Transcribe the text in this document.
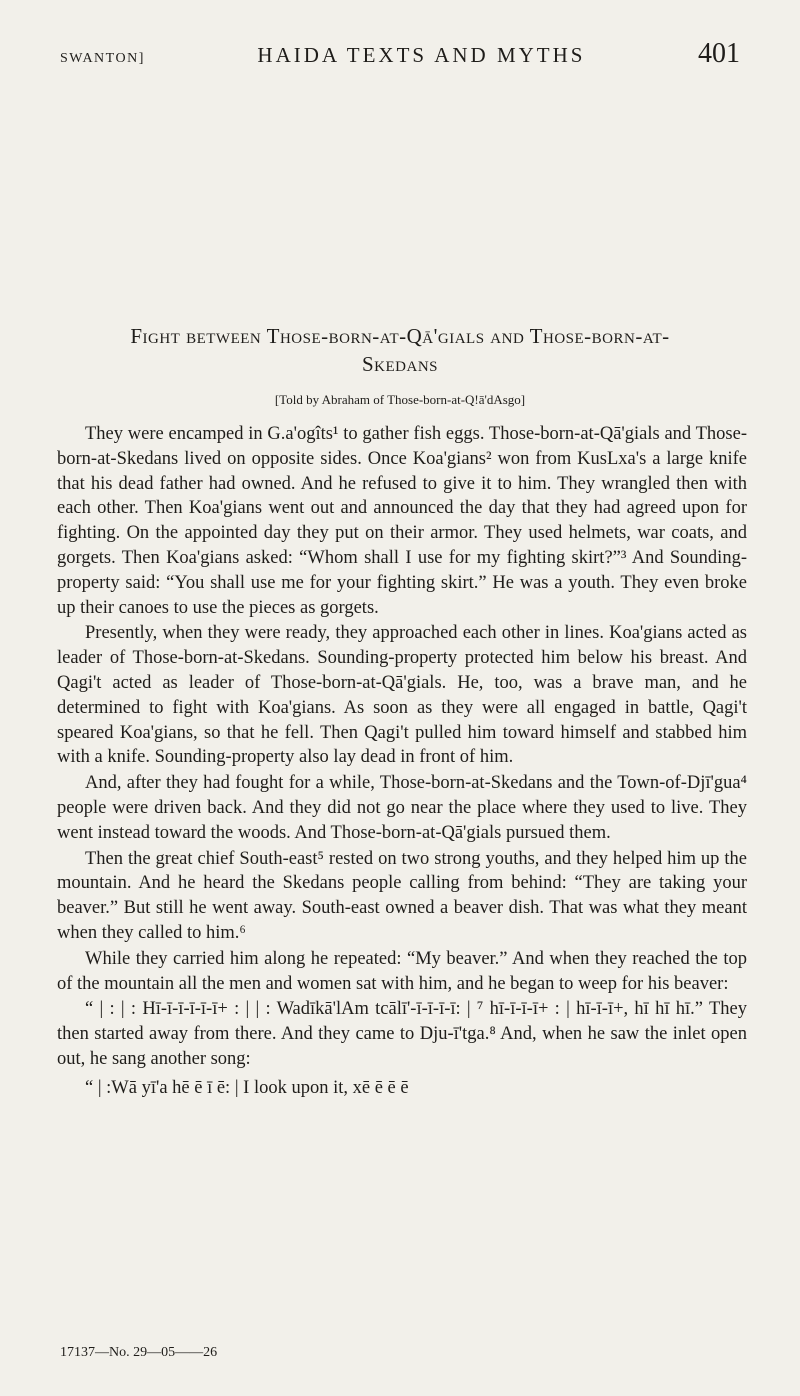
SWANTON]	HAIDA TEXTS AND MYTHS	401
Fight between Those-born-at-Qā'gials and Those-born-at-
Skedans
[Told by Abraham of Those-born-at-Q!ā'dAsgo]

They were encamped in G.a'ogîts¹ to gather fish eggs. Those-born-at-Qā'gials and Those-born-at-Skedans lived on opposite sides. Once Koa'gians² won from KusLxa's a large knife that his dead father had owned. And he refused to give it to him. They wrangled then with each other. Then Koa'gians went out and announced the day that they had agreed upon for fighting. On the appointed day they put on their armor. They used helmets, war coats, and gorgets. Then Koa'gians asked: “Whom shall I use for my fighting skirt?”³ And Sounding-property said: “You shall use me for your fighting skirt.” He was a youth. They even broke up their canoes to use the pieces as gorgets.

Presently, when they were ready, they approached each other in lines. Koa'gians acted as leader of Those-born-at-Skedans. Sounding-property protected him below his breast. And Qagi't acted as leader of Those-born-at-Qā'gials. He, too, was a brave man, and he determined to fight with Koa'gians. As soon as they were all engaged in battle, Qagi't speared Koa'gians, so that he fell. Then Qagi't pulled him toward himself and stabbed him with a knife. Sounding-property also lay dead in front of him.

And, after they had fought for a while, Those-born-at-Skedans and the Town-of-Djī'gua⁴ people were driven back. And they did not go near the place where they used to live. They went instead toward the woods. And Those-born-at-Qā'gials pursued them.

Then the great chief South-east⁵ rested on two strong youths, and they helped him up the mountain. And he heard the Skedans people calling from behind: “They are taking your beaver.” But still he went away. South-east owned a beaver dish. That was what they meant when they called to him.⁶

While they carried him along he repeated: “My beaver.” And when they reached the top of the mountain all the men and women sat with him, and he began to weep for his beaver:

“ | : | : Hī-ī-ī-ī-ī-ī+ : | | : Wadīkā'lAm tcālī'-ī-ī-ī-ī: | ⁷ hī-ī-ī-ī+ : | hī-ī-ī+, hī hī hī.” They then started away from there. And they came to Dju-ī'tga.⁸ And, when he saw the inlet open out, he sang another song:

“ | :Wā yī'a hē ē ī ē: | I look upon it, xē ē ē ē

17137—No. 29—05——26
